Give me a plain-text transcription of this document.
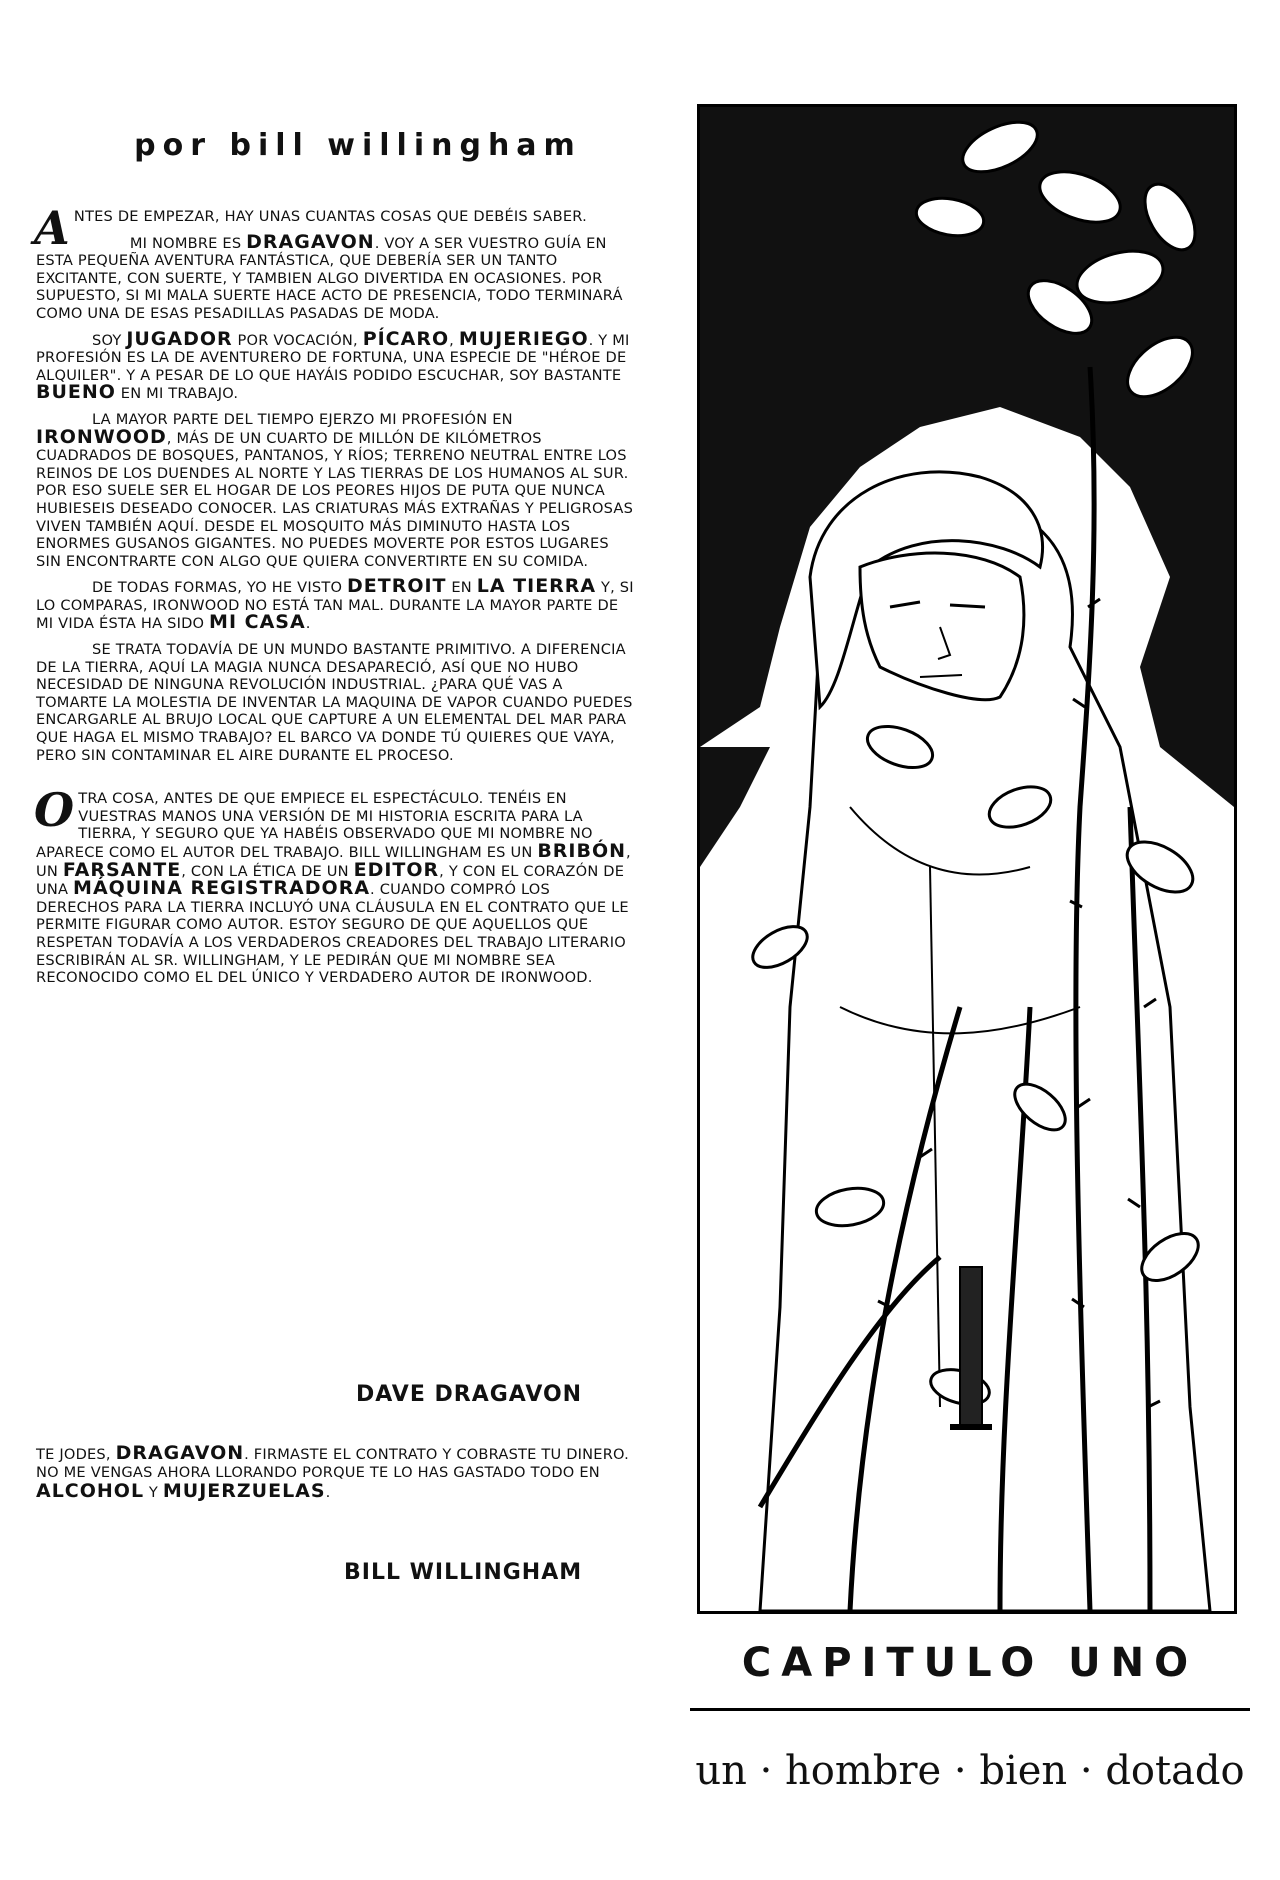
por bill willingham

ANTES DE EMPEZAR, HAY UNAS CUANTAS COSAS QUE DEBÉIS SABER.

MI NOMBRE ES DRAGAVON. VOY A SER VUESTRO GUÍA EN ESTA PEQUEÑA AVENTURA FANTÁSTICA, QUE DEBERÍA SER UN TANTO EXCITANTE, CON SUERTE, Y TAMBIEN ALGO DIVERTIDA EN OCASIONES. POR SUPUESTO, SI MI MALA SUERTE HACE ACTO DE PRESENCIA, TODO TERMINARÁ COMO UNA DE ESAS PESADILLAS PASADAS DE MODA.

SOY JUGADOR POR VOCACIÓN, PÍCARO, MUJERIEGO. Y MI PROFESIÓN ES LA DE AVENTURERO DE FORTUNA, UNA ESPECIE DE "HÉROE DE ALQUILER". Y A PESAR DE LO QUE HAYÁIS PODIDO ESCUCHAR, SOY BASTANTE BUENO EN MI TRABAJO.

LA MAYOR PARTE DEL TIEMPO EJERZO MI PROFESIÓN EN IRONWOOD, MÁS DE UN CUARTO DE MILLÓN DE KILÓMETROS CUADRADOS DE BOSQUES, PANTANOS, Y RÍOS; TERRENO NEUTRAL ENTRE LOS REINOS DE LOS DUENDES AL NORTE Y LAS TIERRAS DE LOS HUMANOS AL SUR. POR ESO SUELE SER EL HOGAR DE LOS PEORES HIJOS DE PUTA QUE NUNCA HUBIESEIS DESEADO CONOCER. LAS CRIATURAS MÁS EXTRAÑAS Y PELIGROSAS VIVEN TAMBIÉN AQUÍ. DESDE EL MOSQUITO MÁS DIMINUTO HASTA LOS ENORMES GUSANOS GIGANTES. NO PUEDES MOVERTE POR ESTOS LUGARES SIN ENCONTRARTE CON ALGO QUE QUIERA CONVERTIRTE EN SU COMIDA.

DE TODAS FORMAS, YO HE VISTO DETROIT EN LA TIERRA Y, SI LO COMPARAS, IRONWOOD NO ESTÁ TAN MAL. DURANTE LA MAYOR PARTE DE MI VIDA ÉSTA HA SIDO MI CASA.

SE TRATA TODAVÍA DE UN MUNDO BASTANTE PRIMITIVO. A DIFERENCIA DE LA TIERRA, AQUÍ LA MAGIA NUNCA DESAPARECIÓ, ASÍ QUE NO HUBO NECESIDAD DE NINGUNA REVOLUCIÓN INDUSTRIAL. ¿PARA QUÉ VAS A TOMARTE LA MOLESTIA DE INVENTAR LA MAQUINA DE VAPOR CUANDO PUEDES ENCARGARLE AL BRUJO LOCAL QUE CAPTURE A UN ELEMENTAL DEL MAR PARA QUE HAGA EL MISMO TRABAJO? EL BARCO VA DONDE TÚ QUIERES QUE VAYA, PERO SIN CONTAMINAR EL AIRE DURANTE EL PROCESO.

OTRA COSA, ANTES DE QUE EMPIECE EL ESPECTÁCULO. TENÉIS EN VUESTRAS MANOS UNA VERSIÓN DE MI HISTORIA ESCRITA PARA LA TIERRA, Y SEGURO QUE YA HABÉIS OBSERVADO QUE MI NOMBRE NO APARECE COMO EL AUTOR DEL TRABAJO. BILL WILLINGHAM ES UN BRIBÓN, UN FARSANTE, CON LA ÉTICA DE UN EDITOR, Y CON EL CORAZÓN DE UNA MÁQUINA REGISTRADORA. CUANDO COMPRÓ LOS DERECHOS PARA LA TIERRA INCLUYÓ UNA CLÁUSULA EN EL CONTRATO QUE LE PERMITE FIGURAR COMO AUTOR. ESTOY SEGURO DE QUE AQUELLOS QUE RESPETAN TODAVÍA A LOS VERDADEROS CREADORES DEL TRABAJO LITERARIO ESCRIBIRÁN AL SR. WILLINGHAM, Y LE PEDIRÁN QUE MI NOMBRE SEA RECONOCIDO COMO EL DEL ÚNICO Y VERDADERO AUTOR DE IRONWOOD.

DAVE DRAGAVON
TE JODES, DRAGAVON. FIRMASTE EL CONTRATO Y COBRASTE TU DINERO. NO ME VENGAS AHORA LLORANDO PORQUE TE LO HAS GASTADO TODO EN ALCOHOL Y MUJERZUELAS.
BILL WILLINGHAM
CAPITULO UNO
un · hombre · bien · dotado
